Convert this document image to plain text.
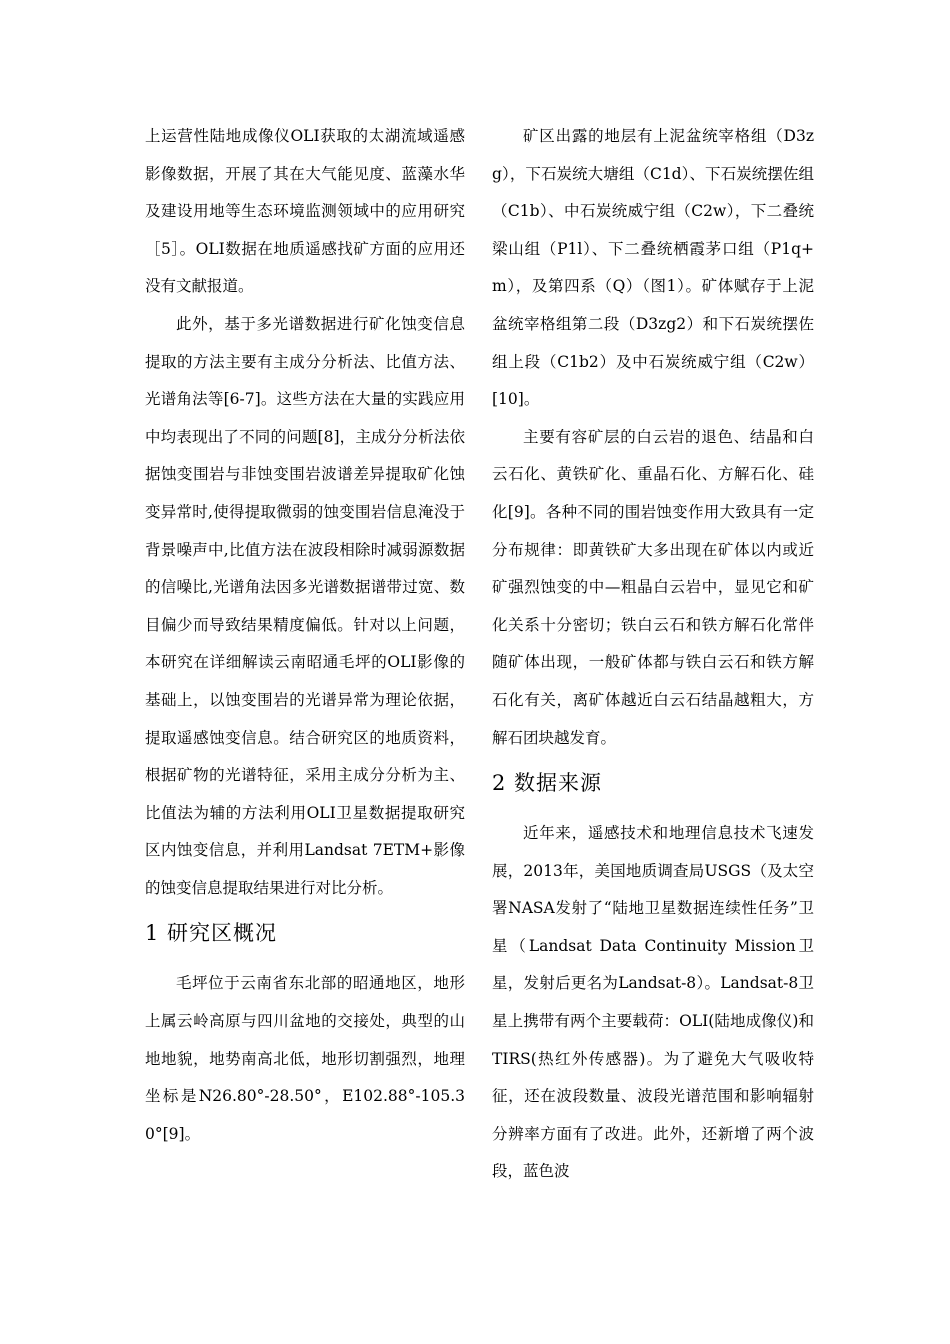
上运营性陆地成像仪OLI获取的太湖流域遥感影像数据，开展了其在大气能见度、蓝藻水华及建设用地等生态环境监测领域中的应用研究［5］。OLI数据在地质遥感找矿方面的应用还没有文献报道。

此外，基于多光谱数据进行矿化蚀变信息提取的方法主要有主成分分析法、比值方法、光谱角法等[6-7]。这些方法在大量的实践应用中均表现出了不同的问题[8]，主成分分析法依据蚀变围岩与非蚀变围岩波谱差异提取矿化蚀变异常时,使得提取微弱的蚀变围岩信息淹没于背景噪声中,比值方法在波段相除时减弱源数据的信噪比,光谱角法因多光谱数据谱带过宽、数目偏少而导致结果精度偏低。针对以上问题，本研究在详细解读云南昭通毛坪的OLI影像的基础上，以蚀变围岩的光谱异常为理论依据，提取遥感蚀变信息。结合研究区的地质资料，根据矿物的光谱特征，采用主成分分析为主、比值法为辅的方法利用OLI卫星数据提取研究区内蚀变信息，并利用Landsat 7ETM+影像的蚀变信息提取结果进行对比分析。

1 研究区概况

毛坪位于云南省东北部的昭通地区，地形上属云岭高原与四川盆地的交接处，典型的山地地貌，地势南高北低，地形切割强烈，地理坐标是N26.80°-28.50°，E102.88°-105.30°[9]。

矿区出露的地层有上泥盆统宰格组（D3zg），下石炭统大塘组（C1d）、下石炭统摆佐组（C1b）、中石炭统威宁组（C2w），下二叠统梁山组（P1l）、下二叠统栖霞茅口组（P1q+m），及第四系（Q）（图1）。矿体赋存于上泥盆统宰格组第二段（D3zg2）和下石炭统摆佐组上段（C1b2）及中石炭统威宁组（C2w）[10]。

主要有容矿层的白云岩的退色、结晶和白云石化、黄铁矿化、重晶石化、方解石化、硅化[9]。各种不同的围岩蚀变作用大致具有一定分布规律：即黄铁矿大多出现在矿体以内或近矿强烈蚀变的中—粗晶白云岩中，显见它和矿化关系十分密切；铁白云石和铁方解石化常伴随矿体出现，一般矿体都与铁白云石和铁方解石化有关，离矿体越近白云石结晶越粗大，方解石团块越发育。

2 数据来源

近年来，遥感技术和地理信息技术飞速发展，2013年，美国地质调查局USGS（及太空署NASA发射了“陆地卫星数据连续性任务”卫星（Landsat Data Continuity Mission卫星，发射后更名为Landsat-8）。Landsat-8卫星上携带有两个主要载荷：OLI(陆地成像仪)和TIRS(热红外传感器)。为了避免大气吸收特征，还在波段数量、波段光谱范围和影响辐射分辨率方面有了改进。此外，还新增了两个波段，蓝色波
